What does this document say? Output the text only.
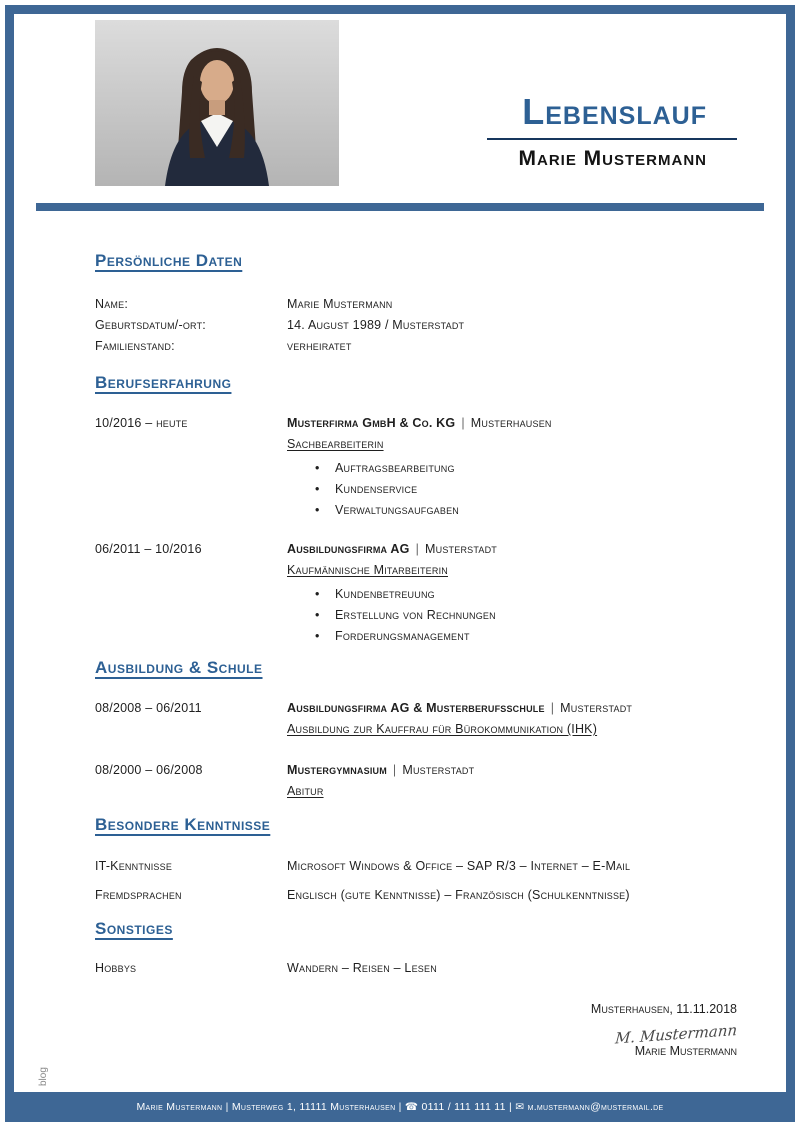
Lebenslauf
Marie Mustermann
Persönliche Daten
Name:	Marie Mustermann
Geburtsdatum/-ort:	14. August 1989 / Musterstadt
Familienstand:	verheiratet
Berufserfahrung
10/2016 – heute	Musterfirma GmbH & Co. KG | Musterhausen
Sachbearbeiterin
• Auftragsbearbeitung
• Kundenservice
• Verwaltungsaufgaben
06/2011 – 10/2016	Ausbildungsfirma AG | Musterstadt
Kaufmännische Mitarbeiterin
• Kundenbetreuung
• Erstellung von Rechnungen
• Forderungsmanagement
Ausbildung & Schule
08/2008 – 06/2011	Ausbildungsfirma AG & Musterberufsschule | Musterstadt
Ausbildung zur Kauffrau für Bürokommunikation (IHK)
08/2000 – 06/2008	Mustergymnasium | Musterstadt
Abitur
Besondere Kenntnisse
IT-Kenntnisse	Microsoft Windows & Office – SAP R/3 – Internet – E-Mail
Fremdsprachen	Englisch (gute Kenntnisse) – Französisch (Schulkenntnisse)
Sonstiges
Hobbys	Wandern – Reisen – Lesen
Musterhausen, 11.11.2018
M. Mustermann
Marie Mustermann
blog
Marie Mustermann | Musterweg 1, 11111 Musterhausen | ☎ 0111 / 111 111 11 | ✉ m.mustermann@mustermail.de
